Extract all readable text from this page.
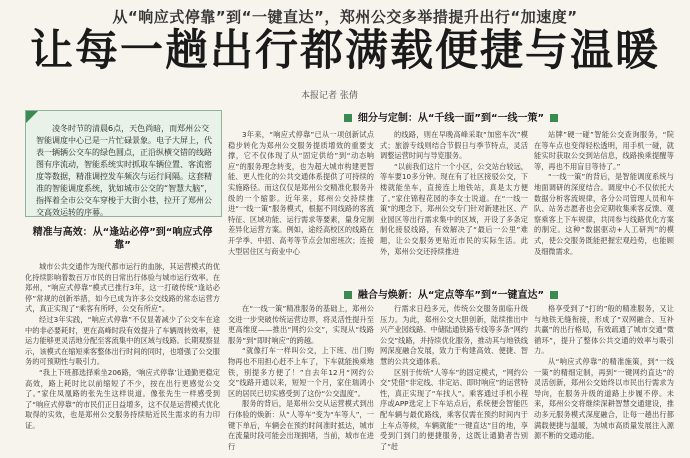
从“响应式停靠”到“一键直达”，郑州公交多举措提升出行“加速度”
让每一趟出行都满载便捷与温暖
本报记者 张倩

凌冬时节的清晨6点，天色尚暗，而郑州公交智能调度中心已是一片忙碌景象。电子大屏上，代表一辆辆公交车的绿色圆点，正沿纵横交错的线路图有序流动，智能系统实时抓取车辆位置、客流密度等数据，精准调控发车频次与运行间隔。这套精准的智能调度系统，犹如城市公交的“智慧大脑”，指挥着全市公交车穿梭于大街小巷，拉开了郑州公交高效运转的序幕。

精准与高效：从“逢站必停”到“响应式停靠”

城市公共交通作为现代都市运行的血脉，其运营模式的优化持续影响着数百万市民的日常出行体验与城市运行效率。在郑州，“响应式停靠”模式已推行3年，这一打破传统“逢站必停”常规的创新举措，如今已成为许多公交线路的常态运营方式，真正实现了“乘客有所呼，公交有所应”。

经过3年实践，“响应式停靠”不仅显著减少了公交车在途中的非必要耗时，更在高峰时段有效提升了车辆周转效率，使运力能够更灵活地分配至客流集中的区域与线路。长期观察显示，该模式在缩短乘客整体出行时间的同时，也增强了公交服务的可预期性与吸引力。

“我上下班都选择乘坐206路，‘响应式停靠’让通勤更稳定高效，路上耗时比以前缩短了不少，按在出行更感觉公交了。”家住凤凰路的张先生这样说道。像张先生一样感受到了“响应式停靠”的市民们正日益增多，这不仅是运营模式优化取得的实效，也是郑州公交服务持续贴近民生需求的有力印证。

细分与定制：从“千线一面”到“一线一策”

3年来，“响应式停靠”已从一项创新试点稳步转化为郑州公交服务提质增效的重要支撑，它不仅体现了从“固定供给”到“动态响应”的服务理念转变，也为超大城市构建更智能、更人性化的公共交通体系提供了可持续的实施路径。而这仅仅是郑州公交精准化服务升级的一个缩影。近年来，郑州公交持续推进“一线一策”服务模式，根据不同线路的客流特征、区域功能、运行需求等要素，量身定制差异化运营方案。例如，途经高校区的线路在开学季、中招、高考等节点会加密班次；连接大型居住区与商业中心

的线路，则在早晚高峰采取“加密车次”模式；旅游专线则结合节假日与季节特点，灵活调整运营时间与导览服务。

“以前我们这片一个小区，公交站台较远，等车要10多分钟。现在有了社区接驳公交，下楼就能坐车，直接连上地铁站，真是太方便了。”家住锦程花园的李女士说道。在“一线一策”的理念下，郑州公交专门针对新建社区、产业园区等出行需求集中的区域，开设了多条定制化接驳线路，有效解决了“最后一公里”难题，让公交服务更贴近市民的实际生活。此外，郑州公交还持续推进

站牌”硬一碰”智能公交查询服务，“院在等车点也变得轻松透明，用手机一碰，就能实时获取公交到站信息，线路换乘提醒等等，再也不用盲目等待了。”

“一线一策”的背后，是智能调度系统与地面调研的深度结合。调度中心不仅依托大数据分析客流规律，各分公司管理人员和车队、站务志愿者也会定期收集乘客反馈、观察乘客上下车规律，共同参与线路优化方案的制定。这种“数据驱动+人工研判”的模式，使公交服务既能把握宏观趋势，也能顾及细微需求。

融合与焕新：从“定点等车”到“一键直达”

在“一线一策”精准服务的基础上，郑州公交进一步突破传统运营边界，将灵活性提升至更高维度——推出“网约公交”，实现从“线路服务”到“即时响应”的跨越。

“就像打车一样叫公交，上下班、出门购物再也不用担心赶不上车了，下车就能换乘地铁，别提多方便了！”自去年12月“网约公交”线路开通以来，短短一个月，家住瑞鸿小区的居民已切实感受到了这份“公交温度”。

服务的背后，是郑州公交从运营模式到出行体验的焕新：从“人等车”变为“车等人”，一键下单后，车辆会在预约时间准时抵达，城市在流量时段可能会出现拥堵，当前，城市在进行

行需求日趋多元，传统公交服务面临升级压力。为此，郑州公交大胆创新，陆续推出中兴产业园线路、中储陆通铁路专线等多条“网约公交”线路，并持续优化服务，推动其与地铁线网深度融合发展，致力于构建高效、便捷、智慧的公共交通体系。

区别于传统“人等车”的固定模式，“网约公交”凭借“非定线、非定站、即时响应”的运营特性，真正实现了“车找人”。乘客通过手机小程序或APP选定上下车站点后，系统便会智能匹配车辆与最优路线，乘客仅需在预约时间内于上车点等候，车辆就能“一键直达”目的地，享受到门到门的便捷服务，这既让通勤者告别了“赶

格享受到了“打的”般的精准服务，又让与地铁无缝衔接，形成了“双网融合、互补共赢”的出行格局，有效疏通了城市交通“微循环”，提升了整体公共交通的效率与吸引力。

从“响应式停靠”的精准施策，到“一线一策”的精细定制，再到“一键网约直达”的灵活创新，郑州公交始终以市民出行需求为导向，在服务升级的道路上步履不停。未来，郑州公交将继续深耕智慧交通建设，推动多元服务模式深度融合，让每一趟出行都满载便捷与温暖，为城市高质量发展注入源源不断的交通动能。
